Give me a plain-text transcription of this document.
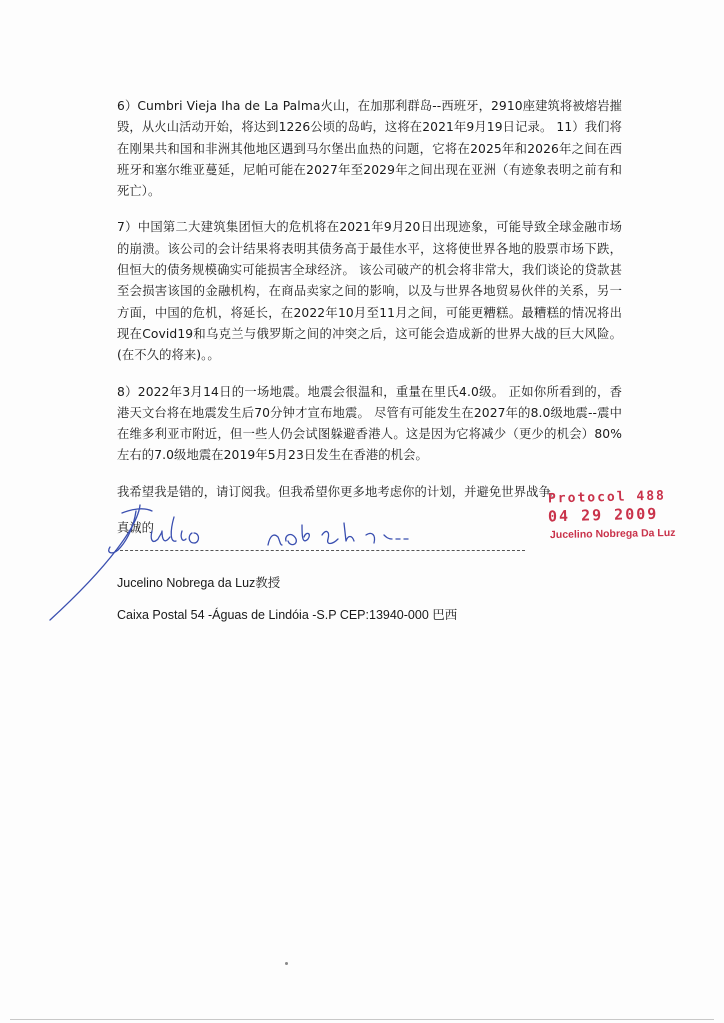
6）Cumbri Vieja Iha de La Palma火山，在加那利群岛--西班牙，2910座建筑将被熔岩摧毁，从火山活动开始，将达到1226公顷的岛屿，这将在2021年9月19日记录。 11）我们将在刚果共和国和非洲其他地区遇到马尔堡出血热的问题，它将在2025年和2026年之间在西班牙和塞尔维亚蔓延，尼帕可能在2027年至2029年之间出现在亚洲（有迹象表明之前有和死亡）。

7）中国第二大建筑集团恒大的危机将在2021年9月20日出现迹象，可能导致全球金融市场的崩溃。该公司的会计结果将表明其债务高于最佳水平，这将使世界各地的股票市场下跌，但恒大的债务规模确实可能损害全球经济。 该公司破产的机会将非常大，我们谈论的贷款甚至会损害该国的金融机构，在商品卖家之间的影响，以及与世界各地贸易伙伴的关系，另一方面，中国的危机，将延长，在2022年10月至11月之间，可能更糟糕。最糟糕的情况将出现在Covid19和乌克兰与俄罗斯之间的冲突之后，这可能会造成新的世界大战的巨大风险。(在不久的将来)。。

8）2022年3月14日的一场地震。地震会很温和，重量在里氏4.0级。 正如你所看到的，香港天文台将在地震发生后70分钟才宣布地震。 尽管有可能发生在2027年的8.0级地震--震中在维多利亚市附近，但一些人仍会试图躲避香港人。这是因为它将减少（更少的机会）80%左右的7.0级地震在2019年5月23日发生在香港的机会。

我希望我是错的，请订阅我。但我希望你更多地考虑你的计划，并避免世界战争。

真诚的

Protocol 488
04 29 2009
Jucelino Nobrega Da Luz

Jucelino Nobrega da Luz教授

Caixa Postal 54 -Águas de Lindóia -S.P CEP:13940-000 巴西
